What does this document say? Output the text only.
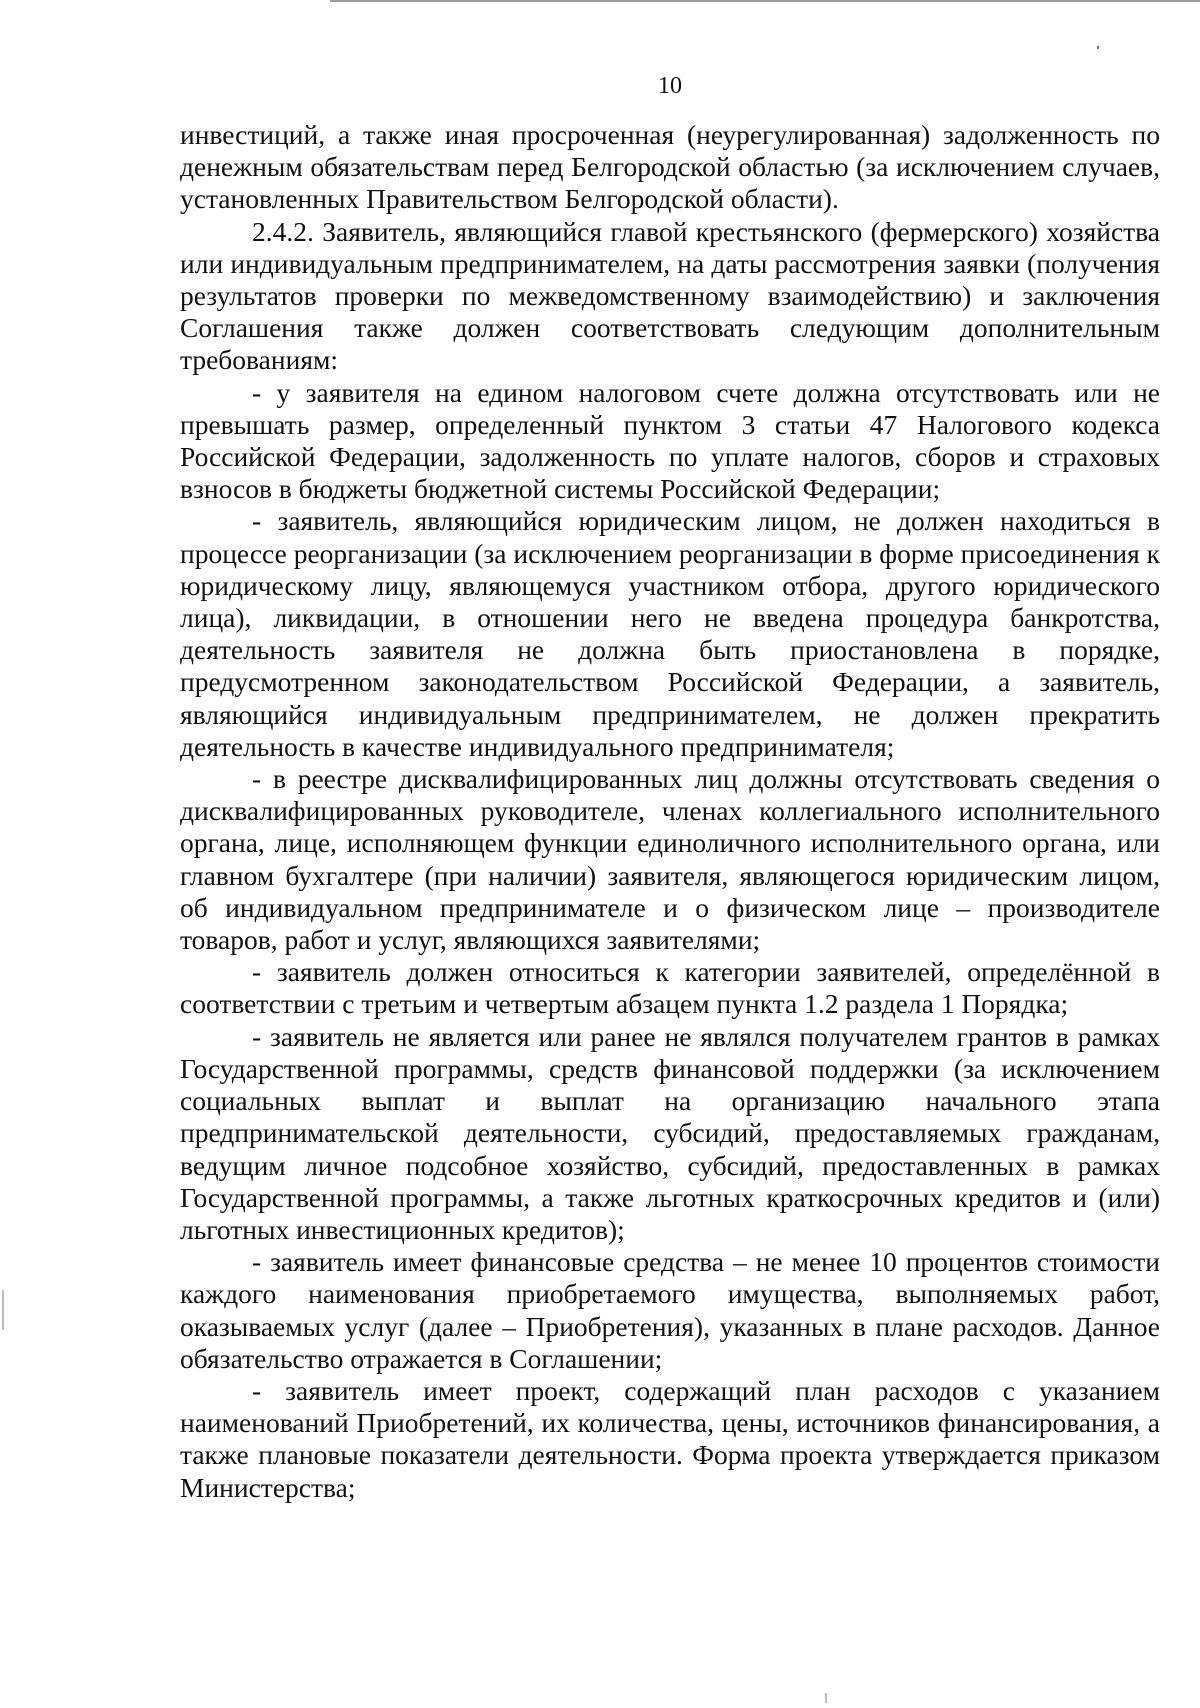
10

инвестиций, а также иная просроченная (неурегулированная) задолженность по денежным обязательствам перед Белгородской областью (за исключением случаев, установленных Правительством Белгородской области).

2.4.2. Заявитель, являющийся главой крестьянского (фермерского) хозяйства или индивидуальным предпринимателем, на даты рассмотрения заявки (получения результатов проверки по межведомственному взаимодействию) и заключения Соглашения также должен соответствовать следующим дополнительным требованиям:

- у заявителя на едином налоговом счете должна отсутствовать или не превышать размер, определенный пунктом 3 статьи 47 Налогового кодекса Российской Федерации, задолженность по уплате налогов, сборов и страховых взносов в бюджеты бюджетной системы Российской Федерации;

- заявитель, являющийся юридическим лицом, не должен находиться в процессе реорганизации (за исключением реорганизации в форме присоединения к юридическому лицу, являющемуся участником отбора, другого юридического лица), ликвидации, в отношении него не введена процедура банкротства, деятельность заявителя не должна быть приостановлена в порядке, предусмотренном законодательством Российской Федерации, а заявитель, являющийся индивидуальным предпринимателем, не должен прекратить деятельность в качестве индивидуального предпринимателя;

- в реестре дисквалифицированных лиц должны отсутствовать сведения о дисквалифицированных руководителе, членах коллегиального исполнительного органа, лице, исполняющем функции единоличного исполнительного органа, или главном бухгалтере (при наличии) заявителя, являющегося юридическим лицом, об индивидуальном предпринимателе и о физическом лице – производителе товаров, работ и услуг, являющихся заявителями;

- заявитель должен относиться к категории заявителей, определённой в соответствии с третьим и четвертым абзацем пункта 1.2 раздела 1 Порядка;

- заявитель не является или ранее не являлся получателем грантов в рамках Государственной программы, средств финансовой поддержки (за исключением социальных выплат и выплат на организацию начального этапа предпринимательской деятельности, субсидий, предоставляемых гражданам, ведущим личное подсобное хозяйство, субсидий, предоставленных в рамках Государственной программы, а также льготных краткосрочных кредитов и (или) льготных инвестиционных кредитов);

- заявитель имеет финансовые средства – не менее 10 процентов стоимости каждого наименования приобретаемого имущества, выполняемых работ, оказываемых услуг (далее – Приобретения), указанных в плане расходов. Данное обязательство отражается в Соглашении;

- заявитель имеет проект, содержащий план расходов с указанием наименований Приобретений, их количества, цены, источников финансирования, а также плановые показатели деятельности. Форма проекта утверждается приказом Министерства;
